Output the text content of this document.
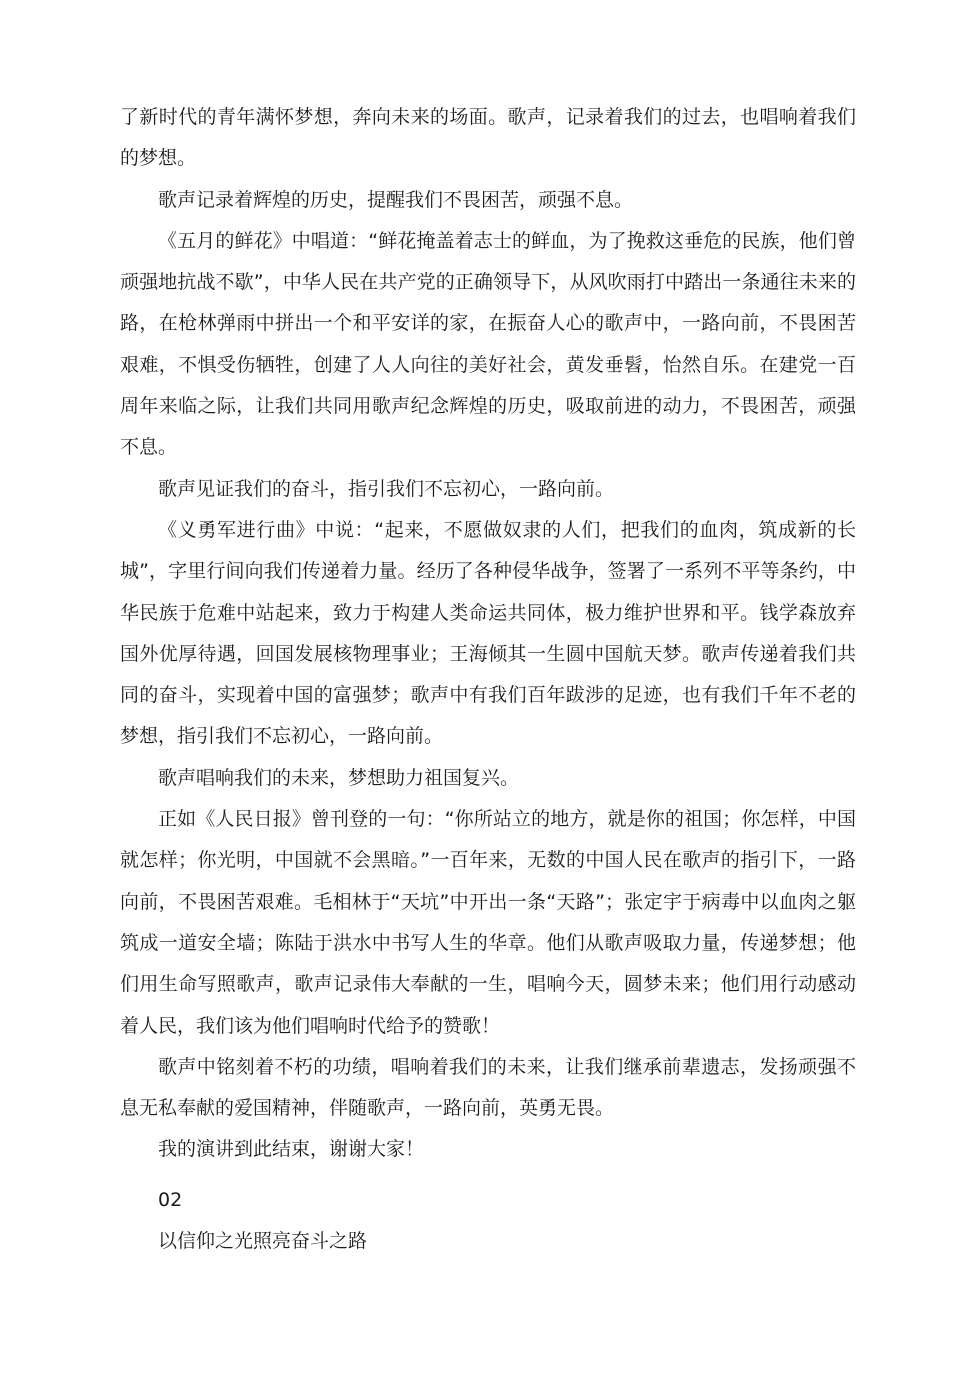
了新时代的青年满怀梦想，奔向未来的场面。歌声，记录着我们的过去，也唱响着我们的梦想。

歌声记录着辉煌的历史，提醒我们不畏困苦，顽强不息。

《五月的鲜花》中唱道：“鲜花掩盖着志士的鲜血，为了挽救这垂危的民族，他们曾顽强地抗战不歇”，中华人民在共产党的正确领导下，从风吹雨打中踏出一条通往未来的路，在枪林弹雨中拼出一个和平安详的家，在振奋人心的歌声中，一路向前，不畏困苦艰难，不惧受伤牺牲，创建了人人向往的美好社会，黄发垂髫，怡然自乐。在建党一百周年来临之际，让我们共同用歌声纪念辉煌的历史，吸取前进的动力，不畏困苦，顽强不息。

歌声见证我们的奋斗，指引我们不忘初心，一路向前。

《义勇军进行曲》中说：“起来，不愿做奴隶的人们，把我们的血肉，筑成新的长城”，字里行间向我们传递着力量。经历了各种侵华战争，签署了一系列不平等条约，中华民族于危难中站起来，致力于构建人类命运共同体，极力维护世界和平。钱学森放弃国外优厚待遇，回国发展核物理事业；王海倾其一生圆中国航天梦。歌声传递着我们共同的奋斗，实现着中国的富强梦；歌声中有我们百年跋涉的足迹，也有我们千年不老的梦想，指引我们不忘初心，一路向前。

歌声唱响我们的未来，梦想助力祖国复兴。

正如《人民日报》曾刊登的一句：“你所站立的地方，就是你的祖国；你怎样，中国就怎样；你光明，中国就不会黑暗。”一百年来，无数的中国人民在歌声的指引下，一路向前，不畏困苦艰难。毛相林于“天坑”中开出一条“天路”；张定宇于病毒中以血肉之躯筑成一道安全墙；陈陆于洪水中书写人生的华章。他们从歌声吸取力量，传递梦想；他们用生命写照歌声，歌声记录伟大奉献的一生，唱响今天，圆梦未来；他们用行动感动着人民，我们该为他们唱响时代给予的赞歌！

歌声中铭刻着不朽的功绩，唱响着我们的未来，让我们继承前辈遗志，发扬顽强不息无私奉献的爱国精神，伴随歌声，一路向前，英勇无畏。

我的演讲到此结束，谢谢大家！

02

以信仰之光照亮奋斗之路
